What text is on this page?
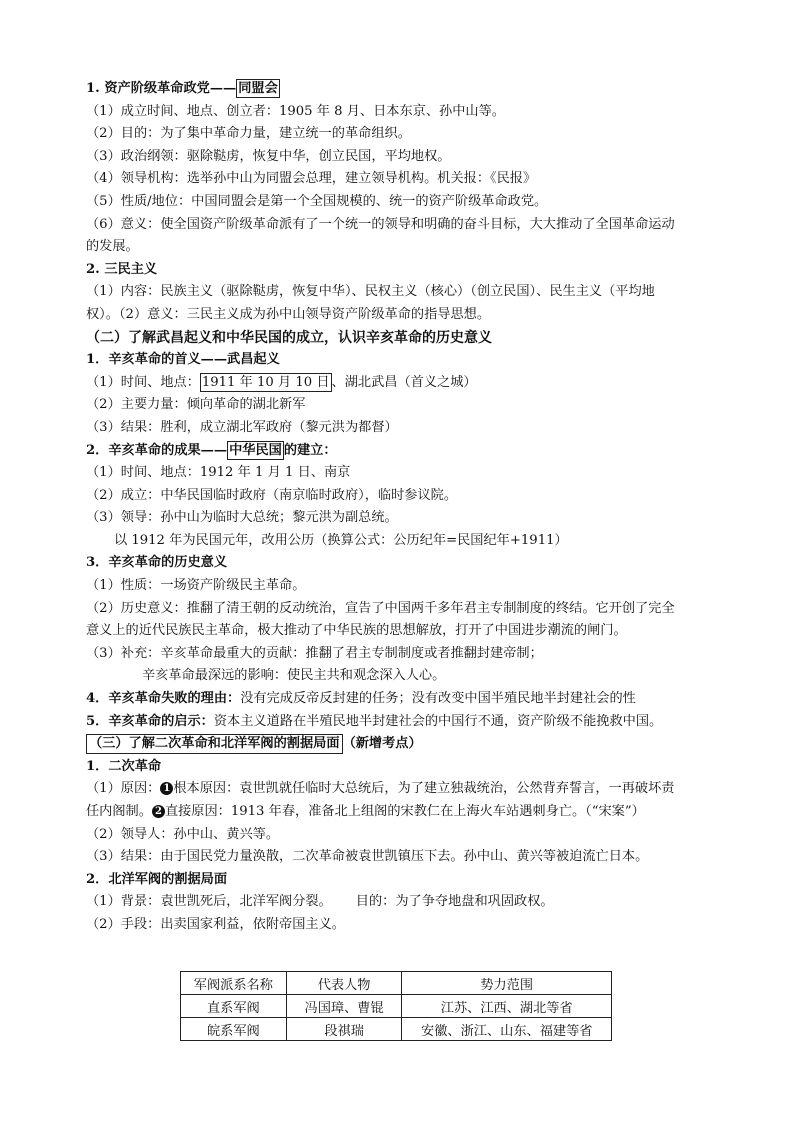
1. 资产阶级革命政党—— 同盟会
（1）成立时间、地点、创立者：1905 年 8 月、日本东京、孙中山等。
（2）目的：为了集中革命力量，建立统一的革命组织。
（3）政治纲领：驱除鞑虏，恢复中华，创立民国，平均地权。
（4）领导机构：选举孙中山为同盟会总理，建立领导机构。机关报：《民报》
（5）性质/地位：中国同盟会是第一个全国规模的、统一的资产阶级革命政党。
（6）意义：使全国资产阶级革命派有了一个统一的领导和明确的奋斗目标，大大推动了全国革命运动
的发展。
2. 三民主义
（1）内容：民族主义（驱除鞑虏，恢复中华）、民权主义（核心）（创立民国）、民生主义（平均地
权）。（2）意义：三民主义成为孙中山领导资产阶级革命的指导思想。
（二）了解武昌起义和中华民国的成立，认识辛亥革命的历史意义
1．辛亥革命的首义——武昌起义
（1）时间、地点： 1911 年 10 月 10 日 、湖北武昌（首义之城）
（2）主要力量：倾向革命的湖北新军
（3）结果：胜利，成立湖北军政府（黎元洪为都督）
2．辛亥革命的成果—— 中华民国 的建立：
（1）时间、地点：1912 年 1 月 1 日、南京
（2）成立：中华民国临时政府（南京临时政府），临时参议院。
（3）领导：孙中山为临时大总统；黎元洪为副总统。
以 1912 年为民国元年，改用公历（换算公式：公历纪年=民国纪年+1911）
3．辛亥革命的历史意义
（1）性质：一场资产阶级民主革命。
（2）历史意义：推翻了清王朝的反动统治，宣告了中国两千多年君主专制制度的终结。它开创了完全
意义上的近代民族民主革命，极大推动了中华民族的思想解放，打开了中国进步潮流的闸门。
（3）补充：辛亥革命最重大的贡献：推翻了君主专制制度或者推翻封建帝制；
辛亥革命最深远的影响：使民主共和观念深入人心。
4．辛亥革命失败的理由：没有完成反帝反封建的任务；没有改变中国半殖民地半封建社会的性
5．辛亥革命的启示：资本主义道路在半殖民地半封建社会的中国行不通，资产阶级不能挽救中国。
（三）了解二次革命和北洋军阀的割据局面 （新增考点）
1．二次革命
（1）原因： 1 根本原因：袁世凯就任临时大总统后，为了建立独裁统治，公然背弃誓言，一再破坏责
任内阁制。 2 直接原因：1913 年春，准备北上组阁的宋教仁在上海火车站遇刺身亡。（“宋案”）
（2）领导人：孙中山、黄兴等。
（3）结果：由于国民党力量涣散，二次革命被袁世凯镇压下去。孙中山、黄兴等被迫流亡日本。
2．北洋军阀的割据局面
（1）背景：袁世凯死后，北洋军阀分裂。 目的：为了争夺地盘和巩固政权。
（2）手段：出卖国家利益，依附帝国主义。
军阀派系名称	代表人物	势力范围
直系军阀	冯国璋、曹锟	江苏、江西、湖北等省
皖系军阀	段祺瑞	安徽、浙江、山东、福建等省
